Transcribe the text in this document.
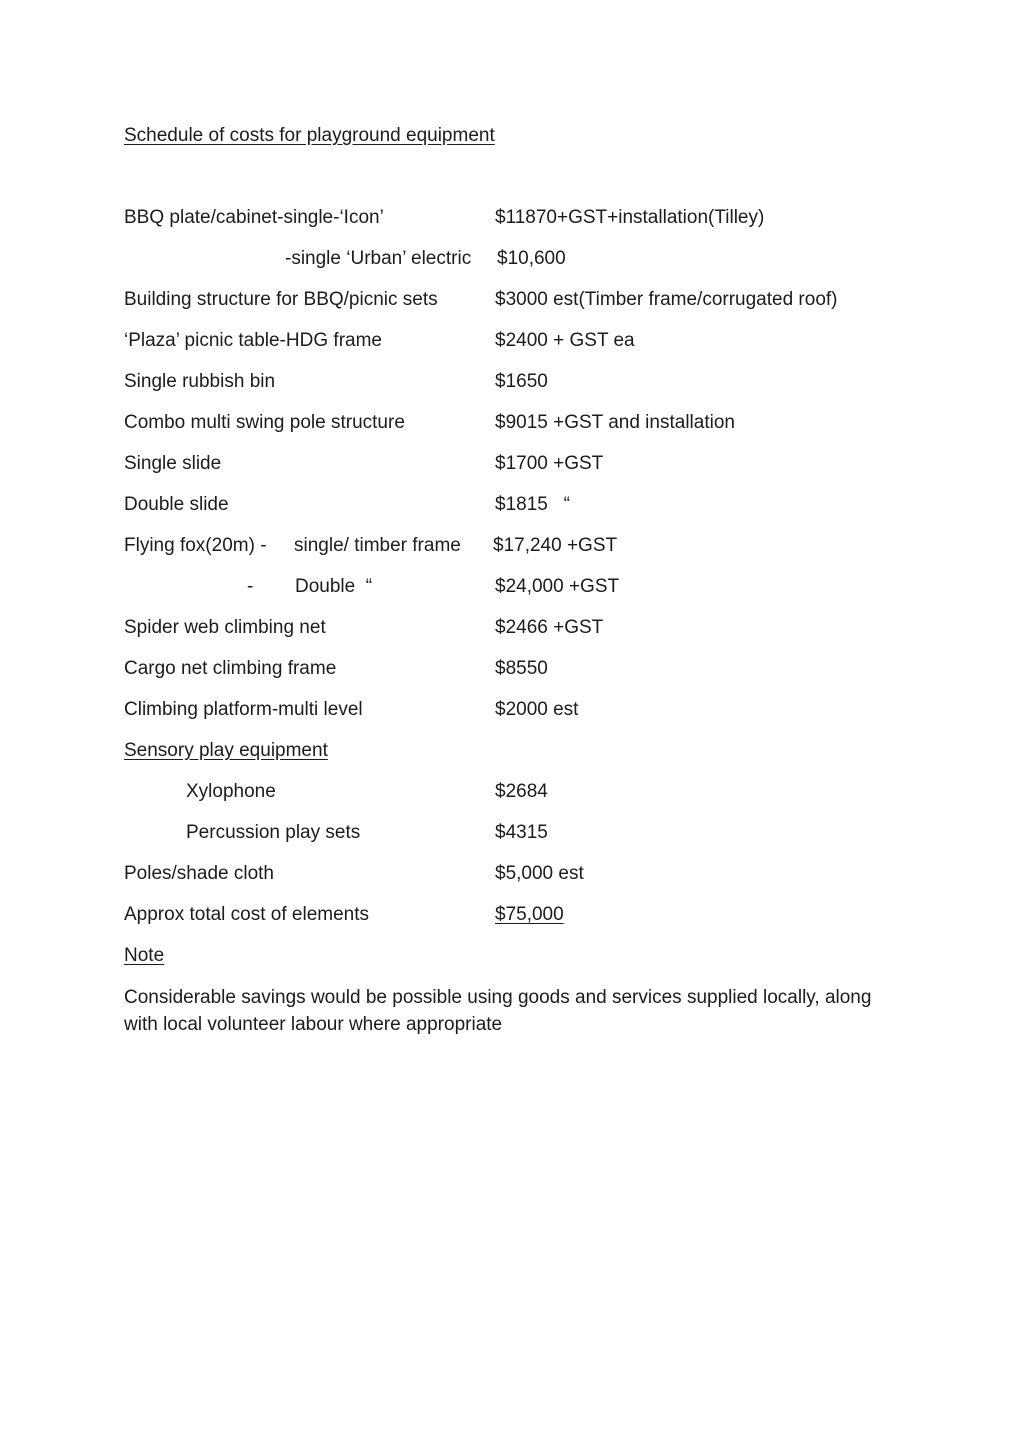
Schedule of costs for playground equipment
BBQ plate/cabinet-single-‘Icon’	$11870+GST+installation(Tilley)
-single ‘Urban’ electric $10,600
Building structure for BBQ/picnic sets	$3000 est(Timber frame/corrugated roof)
‘Plaza’ picnic table-HDG frame	$2400 + GST ea
Single rubbish bin	$1650
Combo multi swing pole structure	$9015 +GST and installation
Single slide	$1700 +GST
Double slide	$1815   “
Flying fox(20m) - single/ timber frame $17,240 +GST
- Double  “	$24,000 +GST
Spider web climbing net	$2466 +GST
Cargo net climbing frame	$8550
Climbing platform-multi level	$2000 est
Sensory play equipment
Xylophone	$2684
Percussion play sets	$4315
Poles/shade cloth	$5,000 est
Approx total cost of elements	$75,000
Note

Considerable savings would be possible using goods and services supplied locally, along with local volunteer labour where appropriate
